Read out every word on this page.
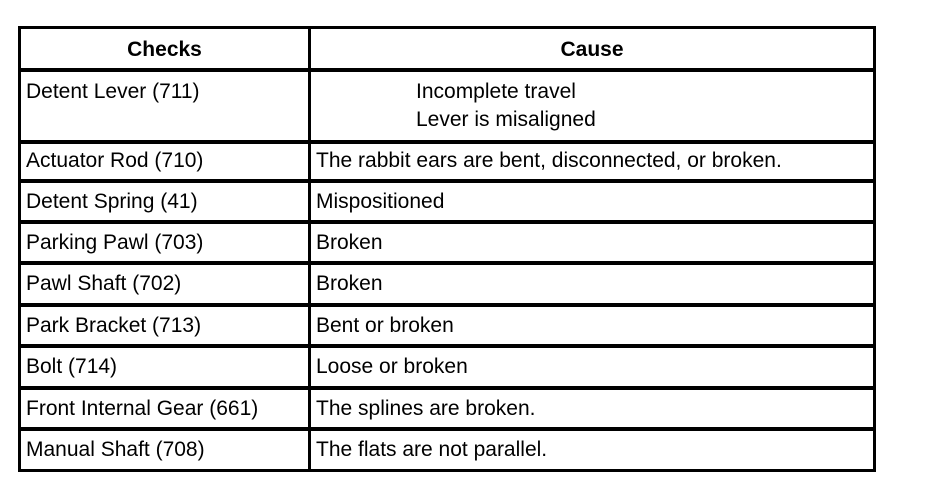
Checks	Cause
Detent Lever (711)	Incomplete travel
Lever is misaligned
Actuator Rod (710)	The rabbit ears are bent, disconnected, or broken.
Detent Spring (41)	Mispositioned
Parking Pawl (703)	Broken
Pawl Shaft (702)	Broken
Park Bracket (713)	Bent or broken
Bolt (714)	Loose or broken
Front Internal Gear (661)	The splines are broken.
Manual Shaft (708)	The flats are not parallel.
